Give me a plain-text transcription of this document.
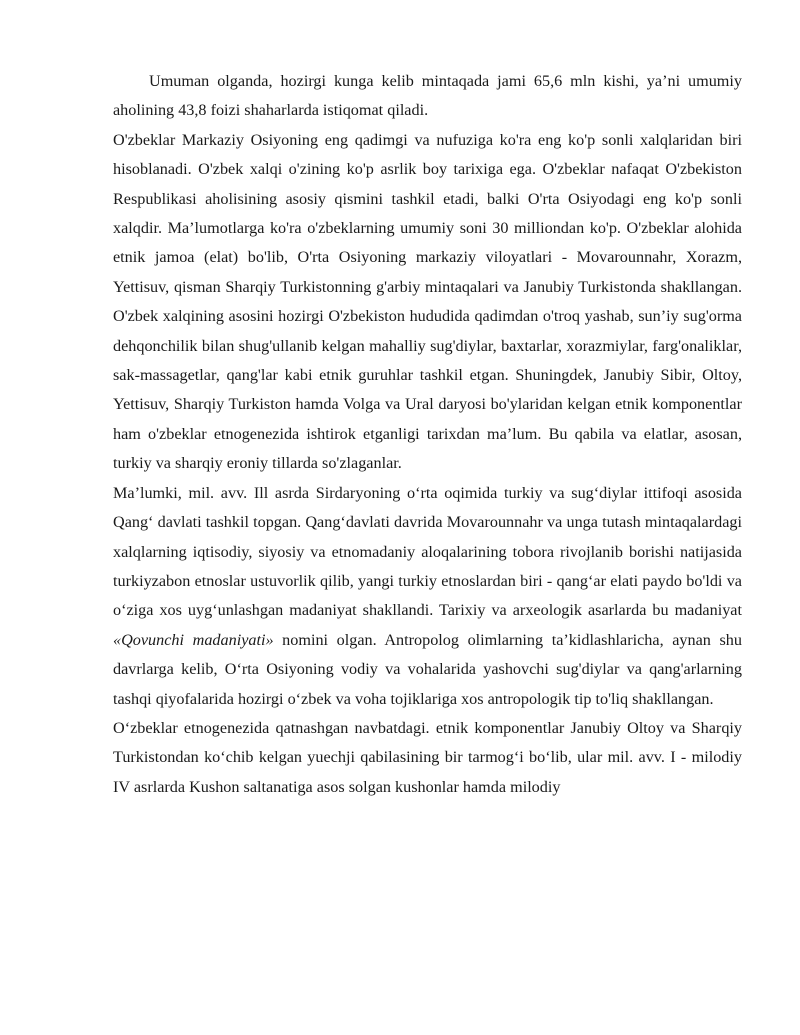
Umuman olganda, hozirgi kunga kelib mintaqada jami 65,6 mln kishi, ya’ni umumiy aholining 43,8 foizi shaharlarda istiqomat qiladi.

O'zbeklar Markaziy Osiyoning eng qadimgi va nufuziga ko'ra eng ko'p sonli xalqlaridan biri hisoblanadi. O'zbek xalqi o'zining ko'p asrlik boy tarixiga ega. O'zbeklar nafaqat O'zbekiston Respublikasi aholisining asosiy qismini tashkil etadi, balki O'rta Osiyodagi eng ko'p sonli xalqdir. Ma’lumotlarga ko'ra o'zbeklarning umumiy soni 30 milliondan ko'p. O'zbeklar alohida etnik jamoa (elat) bo'lib, O'rta Osiyoning markaziy viloyatlari - Movarounnahr, Xorazm, Yettisuv, qisman Sharqiy Turkistonning g'arbiy mintaqalari va Janubiy Turkistonda shakllangan. O'zbek xalqining asosini hozirgi O'zbekiston hududida qadimdan o'troq yashab, sun’iy sug'orma dehqonchilik bilan shug'ullanib kelgan mahalliy sug'diylar, baxtarlar, xorazmiylar, farg'onaliklar, sak-massagetlar, qang'lar kabi etnik guruhlar tashkil etgan. Shuningdek, Janubiy Sibir, Oltoy, Yettisuv, Sharqiy Turkiston hamda Volga va Ural daryosi bo'ylaridan kelgan etnik komponentlar ham o'zbeklar etnogenezida ishtirok etganligi tarixdan ma’lum. Bu qabila va elatlar, asosan, turkiy va sharqiy eroniy tillarda so'zlaganlar.

Ma’lumki, mil. avv. Ill asrda Sirdaryoning o‘rta oqimida turkiy va sug‘diylar ittifoqi asosida Qang‘ davlati tashkil topgan. Qang‘davlati davrida Movarounnahr va unga tutash mintaqalardagi xalqlarning iqtisodiy, siyosiy va etnomadaniy aloqalarining tobora rivojlanib borishi natijasida turkiyzabon etnoslar ustuvorlik qilib, yangi turkiy etnoslardan biri - qang‘ar elati paydo bo'ldi va o‘ziga xos uyg‘unlashgan madaniyat shakllandi. Tarixiy va arxeologik asarlarda bu madaniyat «Qovunchi madaniyati» nomini olgan. Antropolog olimlarning ta’kidlashlaricha, aynan shu davrlarga kelib, O‘rta Osiyoning vodiy va vohalarida yashovchi sug'diylar va qang'arlarning tashqi qiyofalarida hozirgi o‘zbek va voha tojiklariga xos antropologik tip to'liq shakllangan.

O‘zbeklar etnogenezida qatnashgan navbatdagi. etnik komponentlar Janubiy Oltoy va Sharqiy Turkistondan ko‘chib kelgan yuechji qabilasining bir tarmog‘i bo‘lib, ular mil. avv. I - milodiy IV asrlarda Kushon saltanatiga asos solgan kushonlar hamda milodiy
